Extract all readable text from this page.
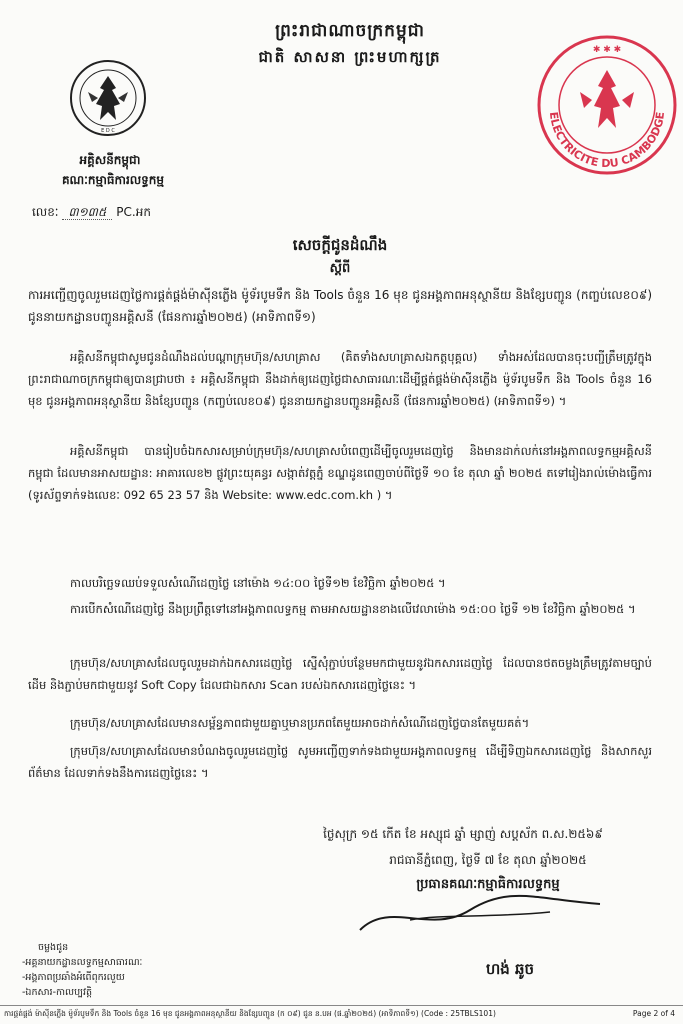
ព្រះរាជាណាចក្រកម្ពុជា
ជាតិ សាសនា ព្រះមហាក្សត្រ
E D C
អគ្គិសនីកម្ពុជា
គណៈកម្មាធិការលទ្ធកម្ម
លេខៈ ៣១៣៥ PC.អក
ELECTRICITE DU CAMBODGE
✱ ✱ ✱
សេចក្តីជូនដំណឹង
ស្តីពី
ការអញ្ជើញចូលរួមដេញថ្លៃការផ្គត់ផ្គង់ម៉ាស៊ីនភ្លើង ម៉ូទ័របូមទឹក និង Tools ចំនួន 16 មុខ ជូនអង្គភាពអនុស្ថានីយ និងខ្សែបញ្ជូន (កញ្ចប់លេខ០៩) ជូននាយកដ្ឋានបញ្ជូនអគ្គិសនី (ផែនការឆ្នាំ២០២៥) (អាទិភាពទី១)
អគ្គិសនីកម្ពុជាសូមជូនដំណឹងដល់បណ្តាក្រុមហ៊ុន/សហគ្រាស (គិតទាំងសហគ្រាសឯកត្តបុគ្គល) ទាំងអស់ដែលបានចុះបញ្ជីត្រឹមត្រូវក្នុងព្រះរាជាណាចក្រកម្ពុជាឲ្យបានជ្រាបថា ៖ អគ្គិសនីកម្ពុជា នឹងដាក់ឲ្យដេញថ្លៃជាសាធារណៈដើម្បីផ្គត់ផ្គង់ម៉ាស៊ីនភ្លើង ម៉ូទ័របូមទឹក និង Tools ចំនួន 16 មុខ ជូនអង្គភាពអនុស្ថានីយ និងខ្សែបញ្ជូន (កញ្ចប់លេខ០៩) ជូននាយកដ្ឋានបញ្ជូនអគ្គិសនី (ផែនការឆ្នាំ២០២៥) (អាទិភាពទី១) ។
អគ្គិសនីកម្ពុជា បានរៀបចំឯកសារសម្រាប់ក្រុមហ៊ុន/សហគ្រាសបំពេញដើម្បីចូលរួមដេញថ្លៃ និងមានដាក់លក់នៅអង្គភាពលទ្ធកម្មអគ្គិសនីកម្ពុជា ដែលមានអាសយដ្ឋាន: អាគារលេខ២ ផ្លូវព្រះយុគន្ធរ សង្កាត់វត្តភ្នំ ខណ្ឌដូនពេញចាប់ពីថ្ងៃទី ១០ ខែ តុលា ឆ្នាំ ២០២៥ តទៅរៀងរាល់ម៉ោងធ្វើការ (ទូរស័ព្ទទាក់ទងលេខៈ 092 65 23 57 និង Website: www.edc.com.kh ) ។
កាលបរិច្ឆេទឈប់ទទួលសំណើដេញថ្លៃ នៅម៉ោង ១៤:០០ ថ្ងៃទី១២ ខែវិច្ឆិកា ឆ្នាំ២០២៥ ។
ការបើកសំណើដេញថ្លៃ នឹងប្រព្រឹត្តទៅនៅអង្គភាពលទ្ធកម្ម តាមអាសយដ្ឋានខាងលើវេលាម៉ោង ១៥:០០ ថ្ងៃទី ១២ ខែវិច្ឆិកា ឆ្នាំ២០២៥ ។
ក្រុមហ៊ុន/សហគ្រាសដែលចូលរួមដាក់ឯកសារដេញថ្លៃ ស្នើសុំភ្ជាប់បន្ថែមមកជាមួយនូវឯកសារដេញថ្លៃ ដែលបានថតចម្លងត្រឹមត្រូវតាមច្បាប់ដើម និងភ្ជាប់មកជាមួយនូវ Soft Copy ដែលជាឯកសារ Scan របស់ឯកសារដេញថ្លៃនេះ ។
ក្រុមហ៊ុន/សហគ្រាសដែលមានសម្ព័ន្ធភាពជាមួយគ្នាឬមានប្រភពតែមួយអាចដាក់សំណើដេញថ្លៃបានតែមួយគត់។
ក្រុមហ៊ុន/សហគ្រាសដែលមានបំណងចូលរួមដេញថ្លៃ សូមអញ្ជើញទាក់ទងជាមួយអង្គភាពលទ្ធកម្ម ដើម្បីទិញឯកសារដេញថ្លៃ និងសាកសួរព័ត៌មាន ដែលទាក់ទងនឹងការដេញថ្លៃនេះ ។
ថ្ងៃសុក្រ ១៥ កើត ខែ អស្សុជ ឆ្នាំ ម្សាញ់ សប្តស័ក ព.ស.២៥៦៩
រាជធានីភ្នំពេញ, ថ្ងៃទី ៧ ខែ តុលា ឆ្នាំ២០២៥
ប្រធានគណៈកម្មាធិការលទ្ធកម្ម
ហង់ ឆូច
ចម្លងជូន
-អគ្គនាយកដ្ឋានលទ្ធកម្មសាធារណៈ
-អង្គភាពប្រឆាំងអំពើពុករលួយ
-ឯកសារ-កាលប្បវត្តិ
ការផ្គត់ផ្គង់ ម៉ាស៊ីនភ្លើង ម៉ូទ័របូមទឹក និង Tools ចំនួន 16 មុខ ជូនអង្គភាពអនុស្ថានីយ និងខ្សែបញ្ជូន (ក ០៩) ជូន ន.បអ (ផ.ឆ្នាំ២០២៥) (អាទិភាពទី១) (Code : 25TBLS101)	Page 2 of 4
